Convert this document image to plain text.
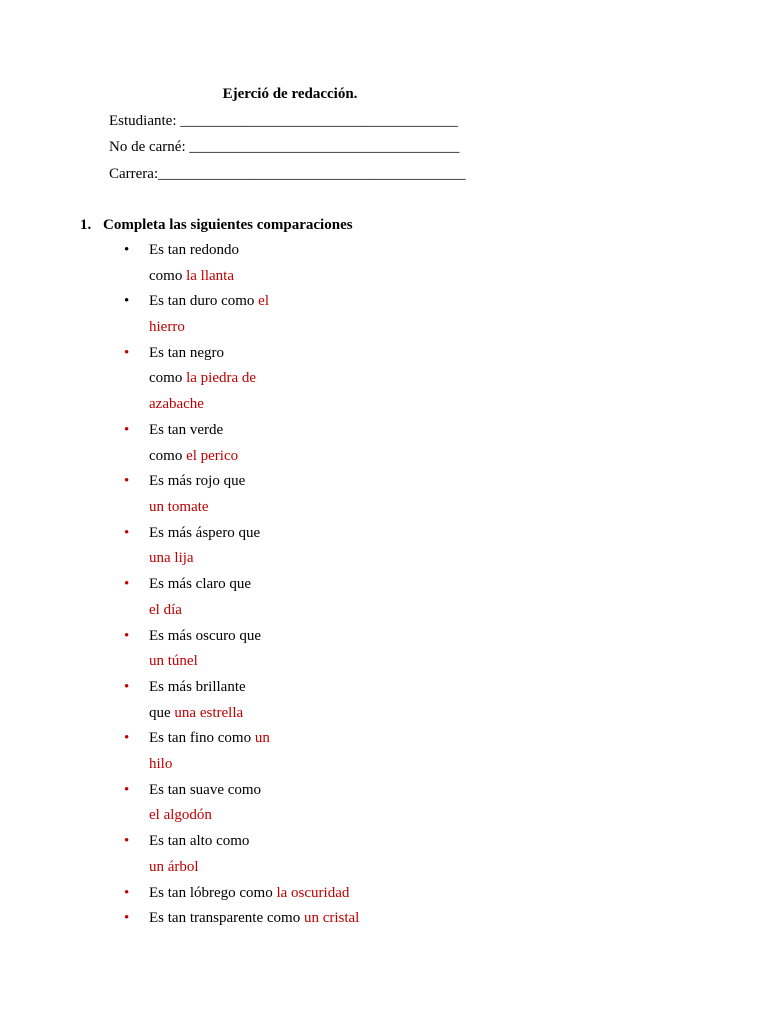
Ejerció de redacción.
Estudiante: _____________________________________
No de carné: ____________________________________
Carrera:_________________________________________
1. Completa las siguientes comparaciones
• Es tan redondo
como la llanta
• Es tan duro como el
hierro
• Es tan negro
como la piedra de
azabache
• Es tan verde
como el perico
• Es más rojo que
un tomate
• Es más áspero que
una lija
• Es más claro que
el día
• Es más oscuro que
un túnel
• Es más brillante
que una estrella
• Es tan fino como un
hilo
• Es tan suave como
el algodón
• Es tan alto como
un árbol
• Es tan lóbrego como la oscuridad
• Es tan transparente como un cristal
